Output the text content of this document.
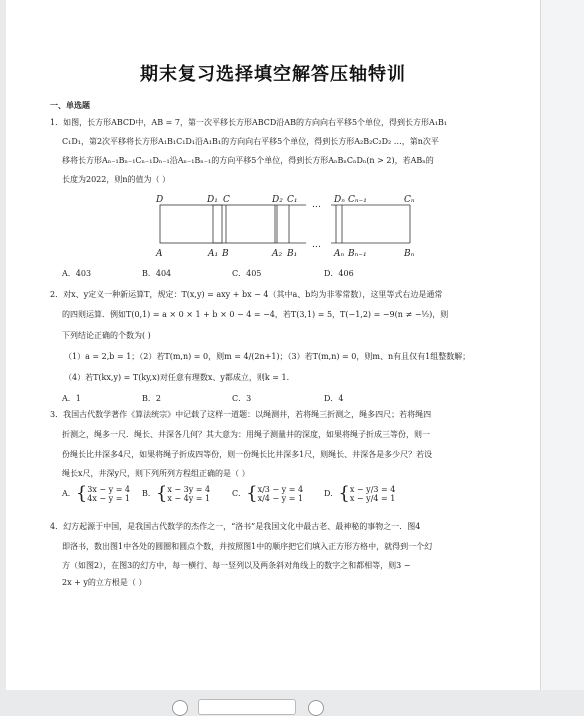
期末复习选择填空解答压轴特训
一、单选题
1．如图，长方形ABCD中，AB = 7，第一次平移长方形ABCD沿AB的方向向右平移5个单位，得到长方形A₁B₁
C₁D₁，第2次平移将长方形A₁B₁C₁D₁沿A₁B₁的方向向右平移5个单位，得到长方形A₂B₂C₂D₂ …，第n次平
移将长方形Aₙ₋₁Bₙ₋₁Cₙ₋₁Dₙ₋₁沿Aₙ₋₁Bₙ₋₁的方向平移5个单位，得到长方形AₙBₙCₙDₙ(n > 2)，若ABₙ的
长度为2022，则n的值为（ ）
D	D₁ C	D₂ C₁ … Dₙ Cₙ₋₁	Cₙ
A	A₁ B	A₂ B₁
…
Aₙ Bₙ₋₁	Bₙ
A．403	B．404	C．405	D．406
2．对x、y定义一种新运算T，规定：T(x,y) = axy + bx − 4（其中a、b均为非零常数），这里等式右边是通常
的四则运算．例如T(0,1) = a × 0 × 1 + b × 0 − 4 = −4，若T(3,1) = 5，T(−1,2) = −9(n ≠ −½)，则
下列结论正确的个数为( )
（1）a = 2,b = 1；（2）若T(m,n) = 0，则m = 4/(2n+1)；（3）若T(m,n) = 0，则m、n有且仅有1组整数解；
（4）若T(kx,y) = T(ky,x)对任意有理数x、y都成立，则k = 1．
A．1	B．2	C．3	D．4
3．我国古代数学著作《算法统宗》中记载了这样一道题：以绳测井，若将绳三折测之，绳多四尺；若将绳四
折测之，绳多一尺．绳长、井深各几何？其大意为：用绳子测量井的深度，如果将绳子折成三等份，则一
份绳长比井深多4尺，如果将绳子折成四等份，则一份绳长比井深多1尺，则绳长、井深各是多少尺？若设
绳长x尺，井深y尺，则下列所列方程组正确的是（ ）
A．{3x − y = 4
4x − y = 1
B．{x − 3y = 4
x − 4y = 1
C．{x/3 − y = 4
x/4 − y = 1
D．{x − y/3 = 4
x − y/4 = 1
4．幻方起源于中国，是我国古代数学的杰作之一，“洛书”是我国文化中最古老、最神秘的事物之一．图4
即洛书，数出图1中各处的圆圈和圆点个数，并按照图1中的顺序把它们填入正方形方格中，就得到一个幻
方（如图2），在图3的幻方中，每一横行、每一竖列以及两条斜对角线上的数字之和都相等，则3 −
2x + y的立方根是（ ）
